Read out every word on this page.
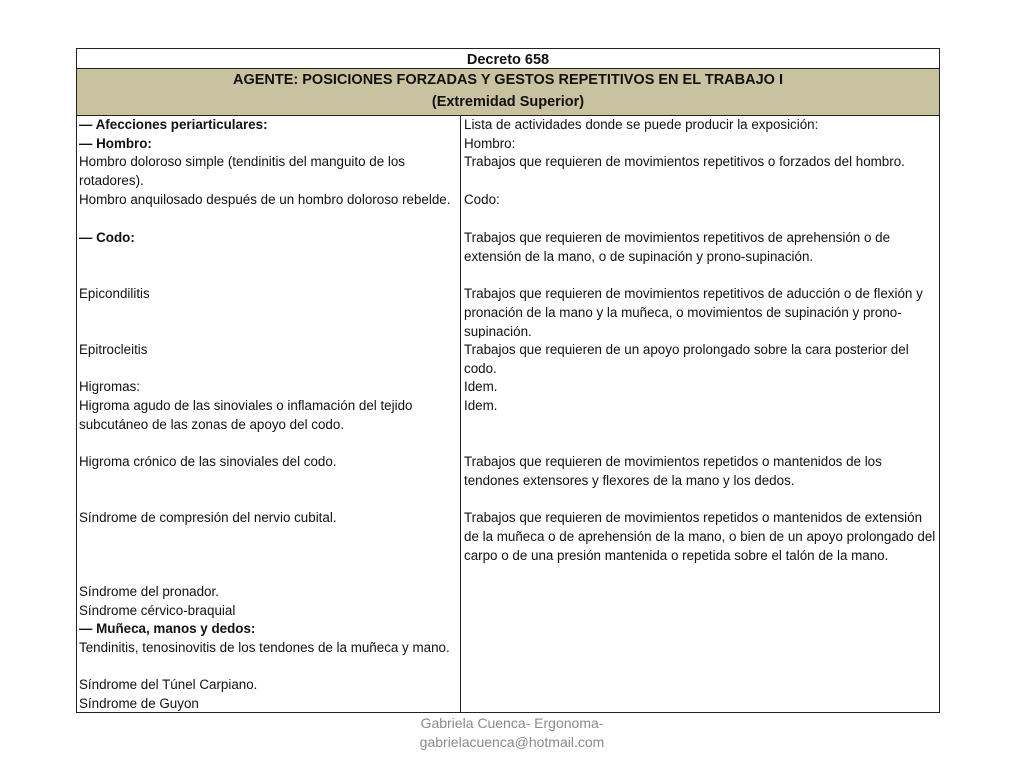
Decreto 658
AGENTE: POSICIONES FORZADAS Y GESTOS REPETITIVOS EN EL TRABAJO I
(Extremidad Superior)
— Afecciones periarticulares:
— Hombro:
Hombro doloroso simple (tendinitis del manguito de los rotadores).
Hombro anquilosado después de un hombro doloroso rebelde.
— Codo:
Epicondilitis
Epitrocleitis
Higromas:
Higroma agudo de las sinoviales o inflamación del tejido subcutáneo de las zonas de apoyo del codo.
Higroma crónico de las sinoviales del codo.
Síndrome de compresión del nervio cubital.
Síndrome del pronador.
Síndrome cérvico-braquial
— Muñeca, manos y dedos:
Tendinitis, tenosinovitis de los tendones de la muñeca y mano.
Síndrome del Túnel Carpiano.
Síndrome de Guyon
Lista de actividades donde se puede producir la exposición:
Hombro:
Trabajos que requieren de movimientos repetitivos o forzados del hombro.
Codo:
Trabajos que requieren de movimientos repetitivos de aprehensión o de extensión de la mano, o de supinación y prono-supinación.
Trabajos que requieren de movimientos repetitivos de aducción o de flexión y pronación de la mano y la muñeca, o movimientos de supinación y prono-supinación.
Trabajos que requieren de un apoyo prolongado sobre la cara posterior del codo.
Idem.
Idem.
Trabajos que requieren de movimientos repetidos o mantenidos de los tendones extensores y flexores de la mano y los dedos.
Trabajos que requieren de movimientos repetidos o mantenidos de extensión de la muñeca o de aprehensión de la mano, o bien de un apoyo prolongado del carpo o de una presión mantenida o repetida sobre el talón de la mano.
Gabriela Cuenca- Ergonoma-
gabrielacuenca@hotmail.com
